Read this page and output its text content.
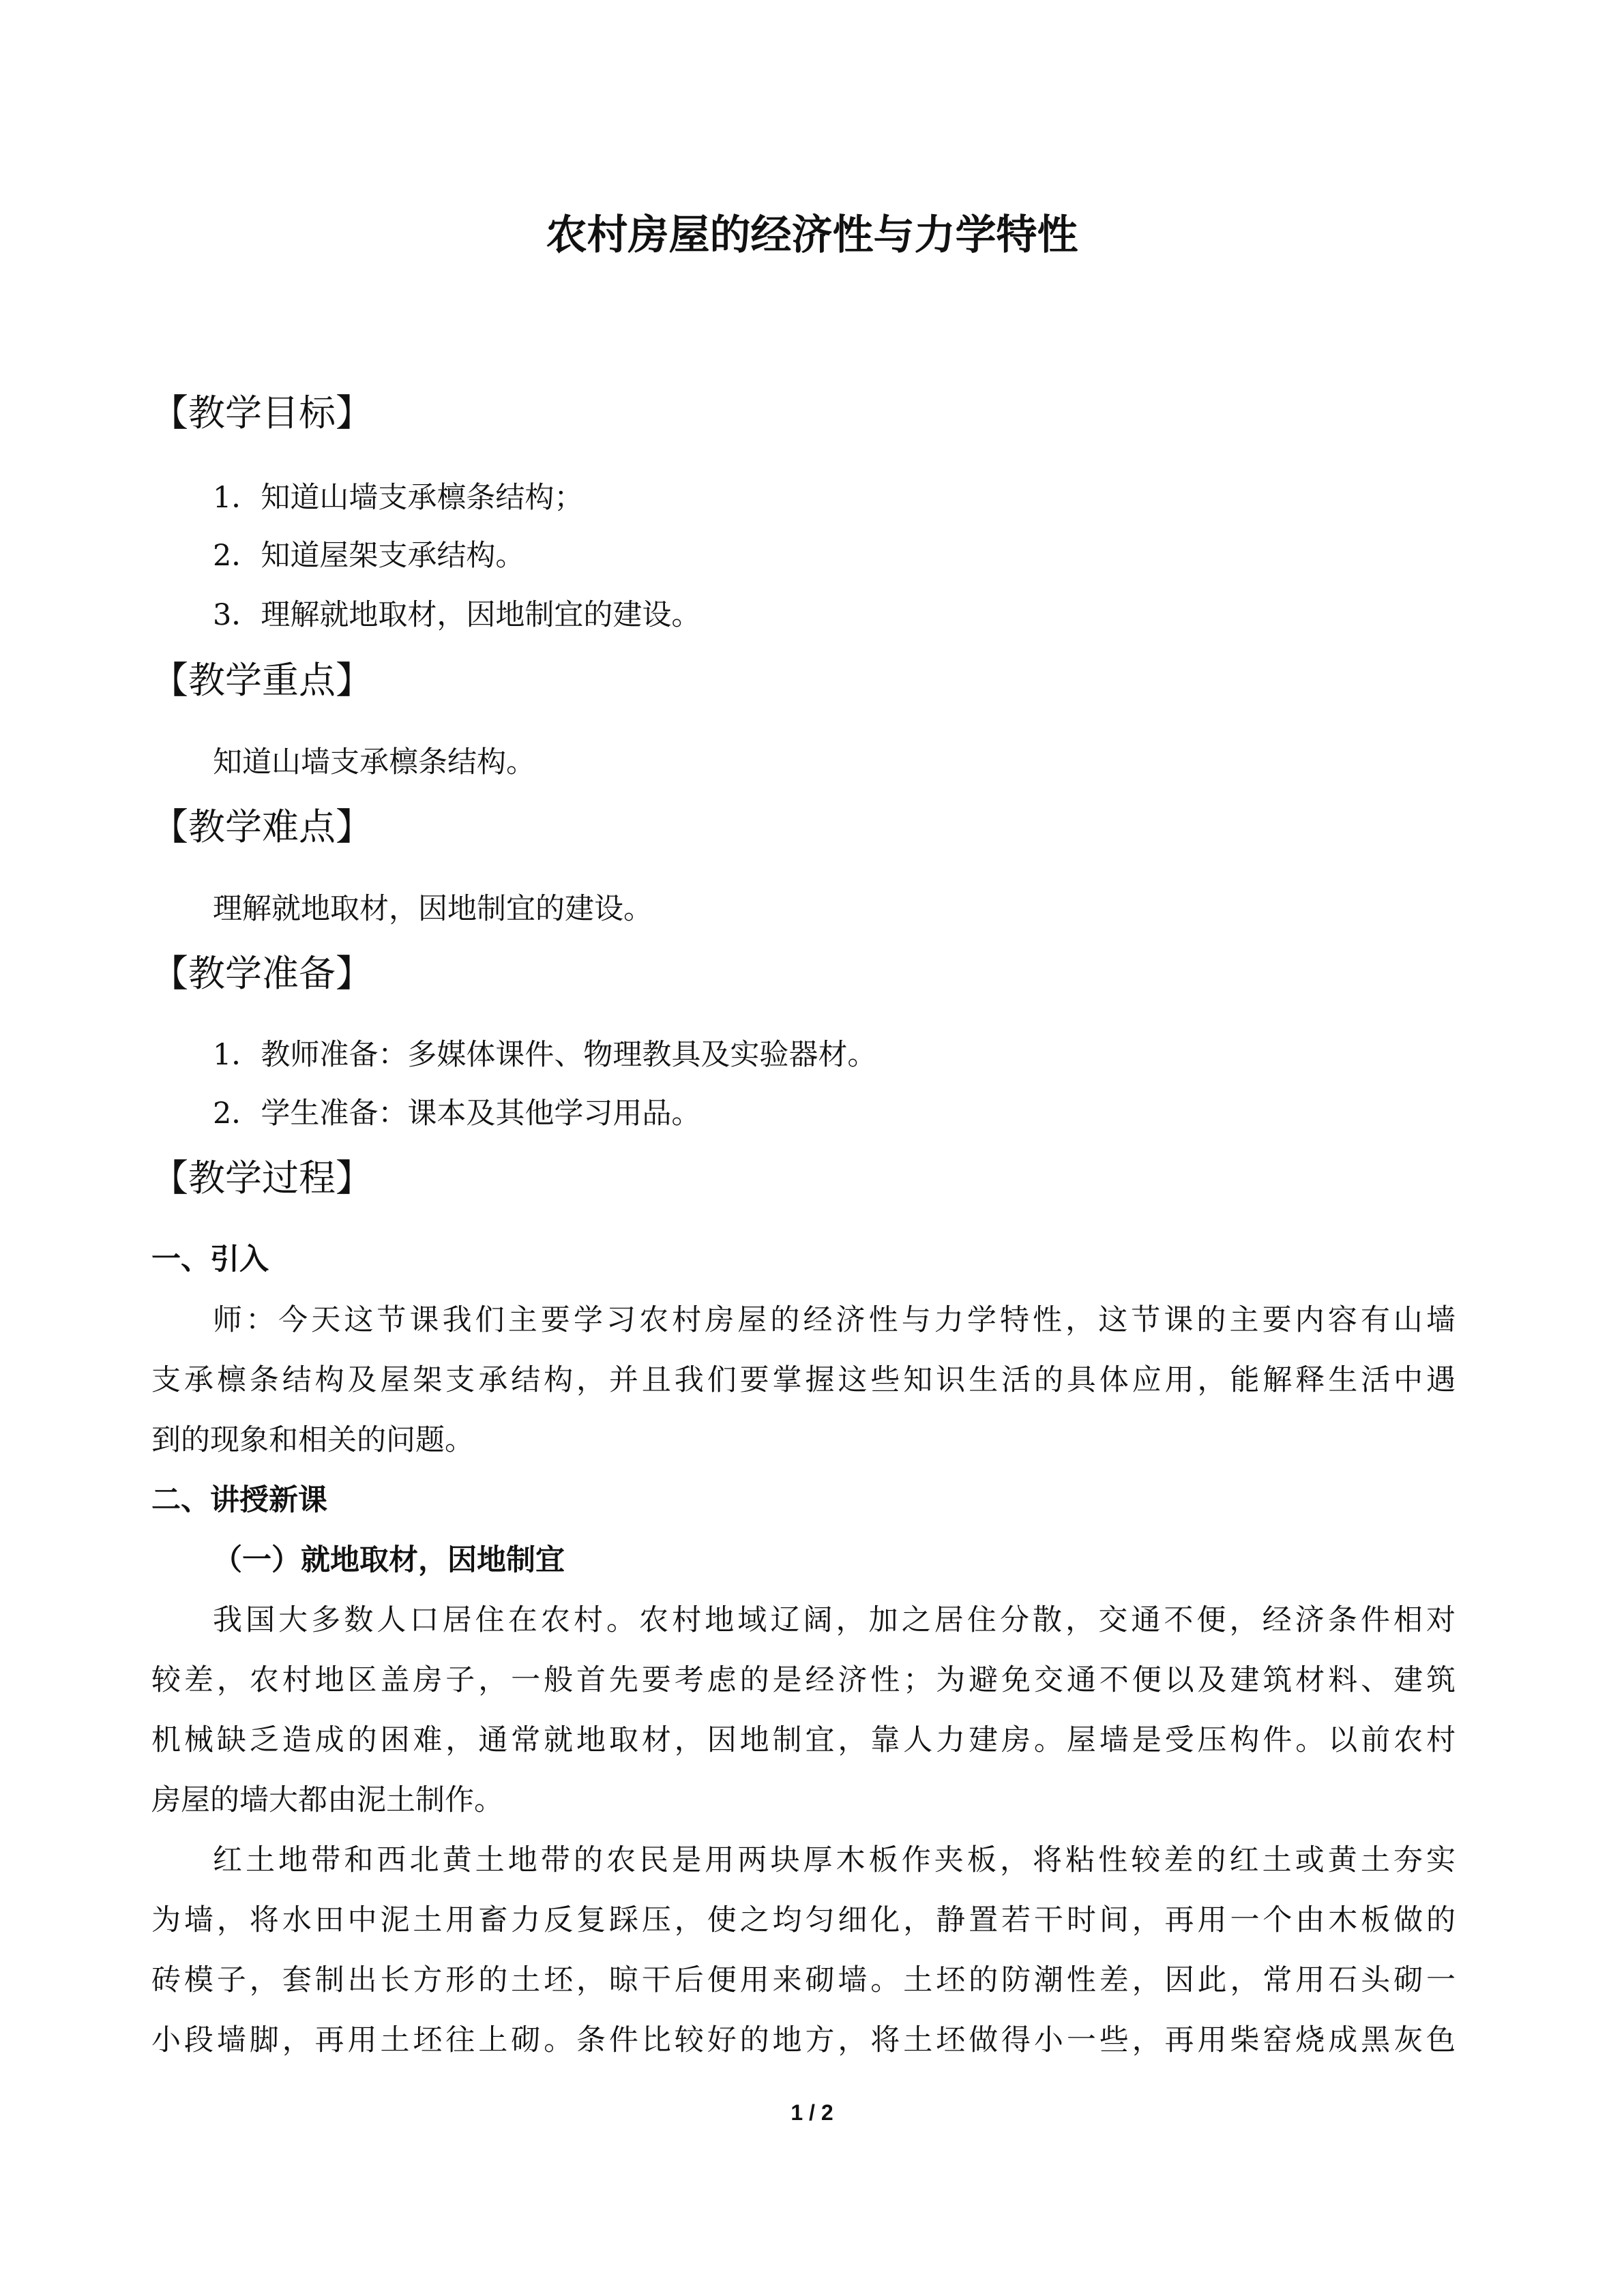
农村房屋的经济性与力学特性
【教学目标】
1．知道山墙支承檩条结构；
2．知道屋架支承结构。
3．理解就地取材，因地制宜的建设。
【教学重点】
知道山墙支承檩条结构。
【教学难点】
理解就地取材，因地制宜的建设。
【教学准备】
1．教师准备：多媒体课件、物理教具及实验器材。
2．学生准备：课本及其他学习用品。
【教学过程】
一、引入
师：今天这节课我们主要学习农村房屋的经济性与力学特性，这节课的主要内容有山墙
支承檩条结构及屋架支承结构，并且我们要掌握这些知识生活的具体应用，能解释生活中遇
到的现象和相关的问题。
二、讲授新课
（一）就地取材，因地制宜
我国大多数人口居住在农村。农村地域辽阔，加之居住分散，交通不便，经济条件相对
较差，农村地区盖房子，一般首先要考虑的是经济性；为避免交通不便以及建筑材料、建筑
机械缺乏造成的困难，通常就地取材，因地制宜，靠人力建房。屋墙是受压构件。以前农村
房屋的墙大都由泥土制作。
红土地带和西北黄土地带的农民是用两块厚木板作夹板，将粘性较差的红土或黄土夯实
为墙，将水田中泥土用畜力反复踩压，使之均匀细化，静置若干时间，再用一个由木板做的
砖模子，套制出长方形的土坯，晾干后便用来砌墙。土坯的防潮性差，因此，常用石头砌一
小段墙脚，再用土坯往上砌。条件比较好的地方，将土坯做得小一些，再用柴窑烧成黑灰色
1 / 2
